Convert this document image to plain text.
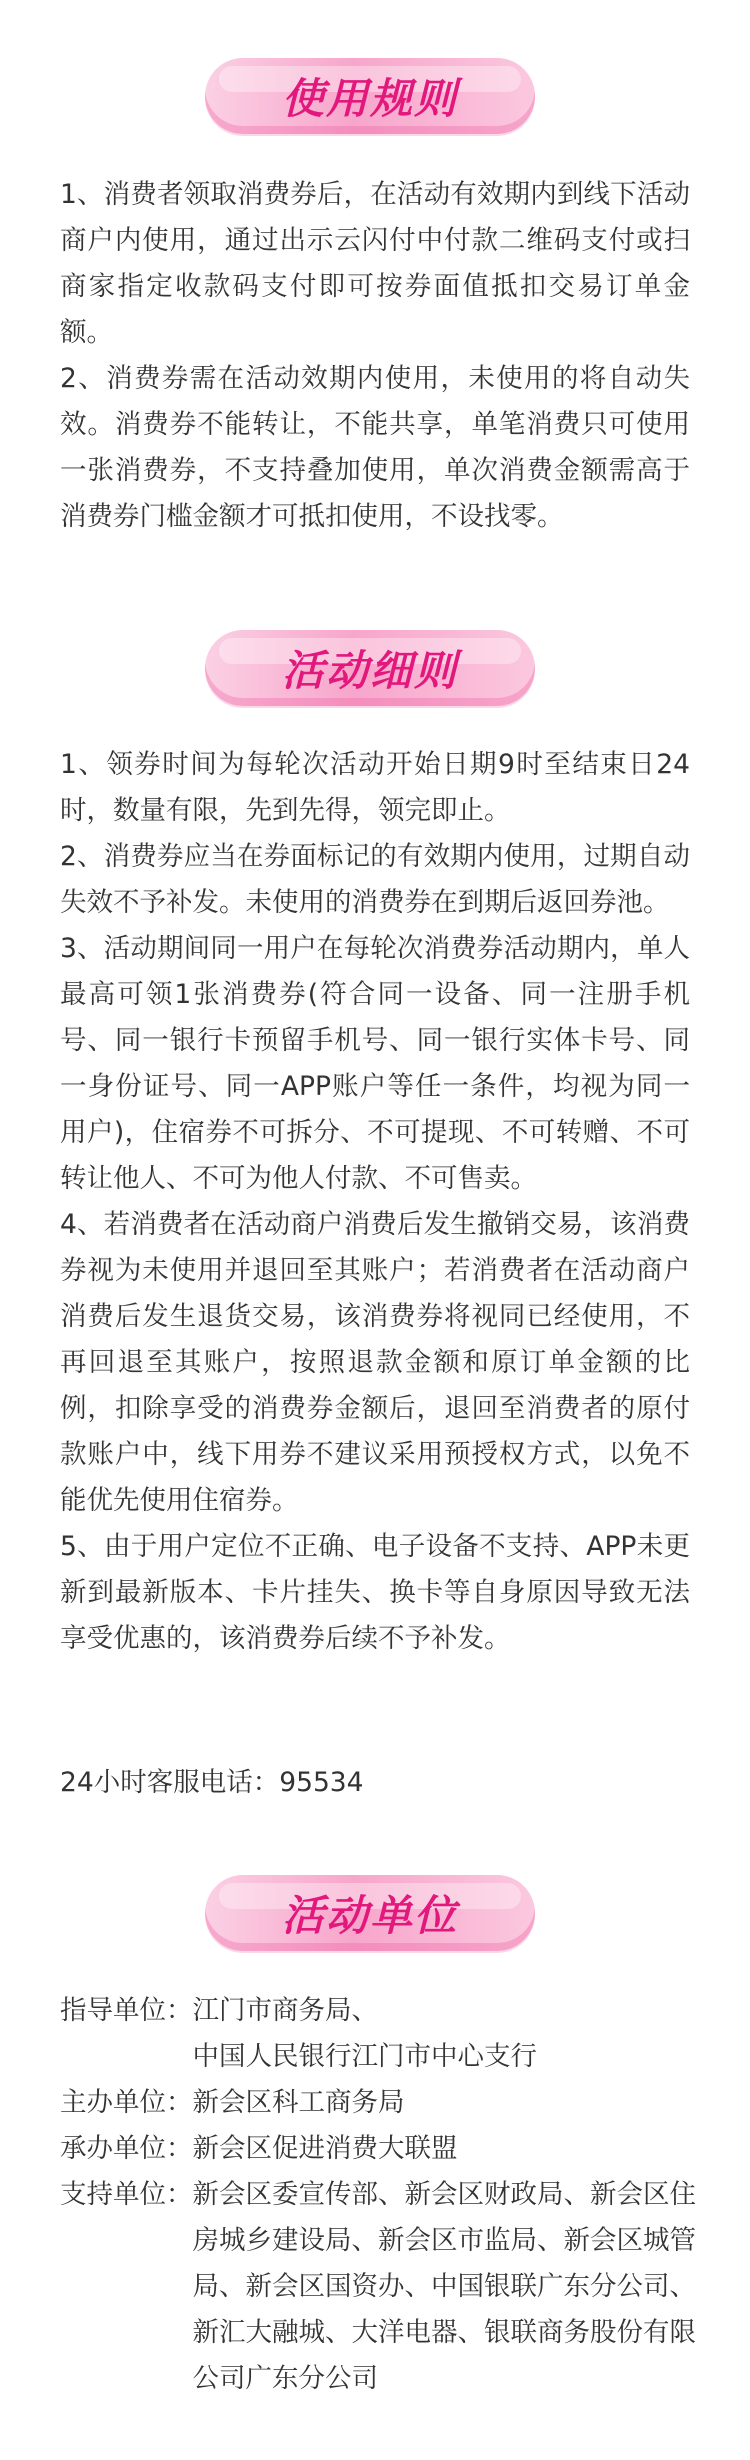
使用规则

1、消费者领取消费券后，在活动有效期内到线下活动商户内使用，通过出示云闪付中付款二维码支付或扫商家指定收款码支付即可按券面值抵扣交易订单金额。

2、消费券需在活动效期内使用，未使用的将自动失效。消费券不能转让，不能共享，单笔消费只可使用一张消费券，不支持叠加使用，单次消费金额需高于消费券门槛金额才可抵扣使用，不设找零。

活动细则

1、领券时间为每轮次活动开始日期9时至结束日24时，数量有限，先到先得，领完即止。

2、消费券应当在券面标记的有效期内使用，过期自动失效不予补发。未使用的消费券在到期后返回券池。

3、活动期间同一用户在每轮次消费券活动期内，单人最高可领1张消费券(符合同一设备、同一注册手机号、同一银行卡预留手机号、同一银行实体卡号、同一身份证号、同一APP账户等任一条件，均视为同一用户)，住宿券不可拆分、不可提现、不可转赠、不可转让他人、不可为他人付款、不可售卖。

4、若消费者在活动商户消费后发生撤销交易，该消费券视为未使用并退回至其账户；若消费者在活动商户消费后发生退货交易，该消费券将视同已经使用，不再回退至其账户，按照退款金额和原订单金额的比例，扣除享受的消费券金额后，退回至消费者的原付款账户中，线下用券不建议采用预授权方式，以免不能优先使用住宿券。

5、由于用户定位不正确、电子设备不支持、APP未更新到最新版本、卡片挂失、换卡等自身原因导致无法享受优惠的，该消费券后续不予补发。

24小时客服电话：95534

活动单位
指导单位： 江门市商务局、
中国人民银行江门市中心支行
主办单位： 新会区科工商务局
承办单位： 新会区促进消费大联盟
支持单位： 新会区委宣传部、新会区财政局、新会区住房城乡建设局、新会区市监局、新会区城管局、新会区国资办、中国银联广东分公司、新汇大融城、大洋电器、银联商务股份有限公司广东分公司
